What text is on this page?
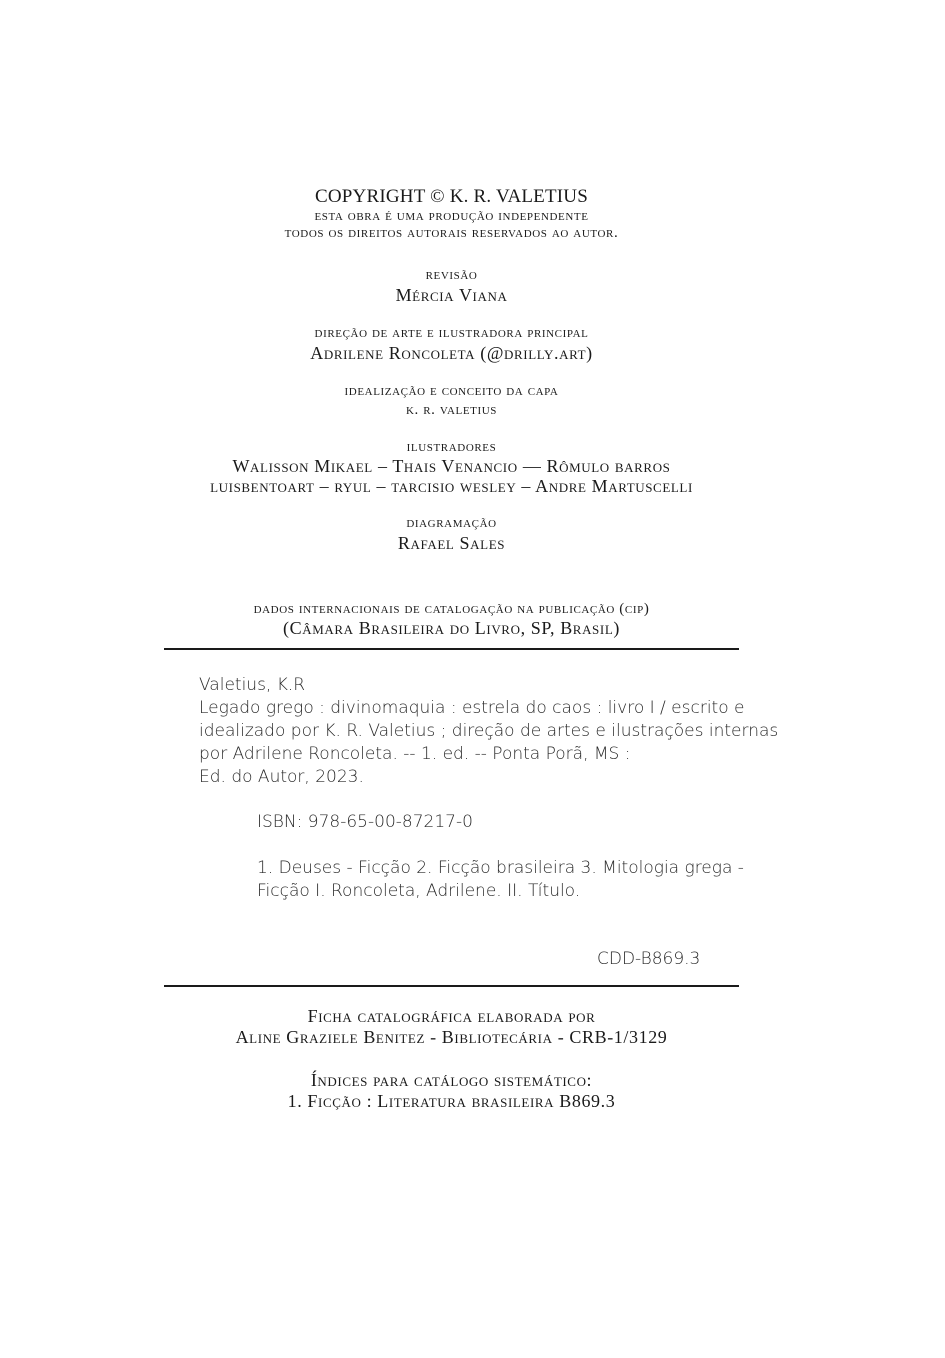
COPYRIGHT © K. R. VALETIUS
esta obra é uma produção independente
todos os direitos autorais reservados ao autor.
revisão
Mércia Viana
direção de arte e ilustradora principal
Adrilene Roncoleta (@drilly.art)
idealização e conceito da capa
k. r. valetius
ilustradores
Walisson Mikael – Thais Venancio — Rômulo barros
luisbentoart – ryul – tarcisio wesley – Andre Martuscelli
diagramação
Rafael Sales
dados internacionais de catalogação na publicação (cip)
(Câmara Brasileira do Livro, SP, Brasil)

Valetius, K.R

Legado grego : divinomaquia : estrela do caos : livro I / escrito e

idealizado por K. R. Valetius ; direção de artes e ilustrações internas

por Adrilene Roncoleta. -- 1. ed. -- Ponta Porã, MS :

Ed. do Autor, 2023.

ISBN: 978-65-00-87217-0

1. Deuses - Ficção 2. Ficção brasileira 3. Mitologia grega -

Ficção I. Roncoleta, Adrilene. II. Título.

CDD-B869.3

Ficha catalográfica elaborada por
Aline Graziele Benitez - Bibliotecária - CRB-1/3129
Índices para catálogo sistemático:
1. Ficção : Literatura brasileira B869.3
